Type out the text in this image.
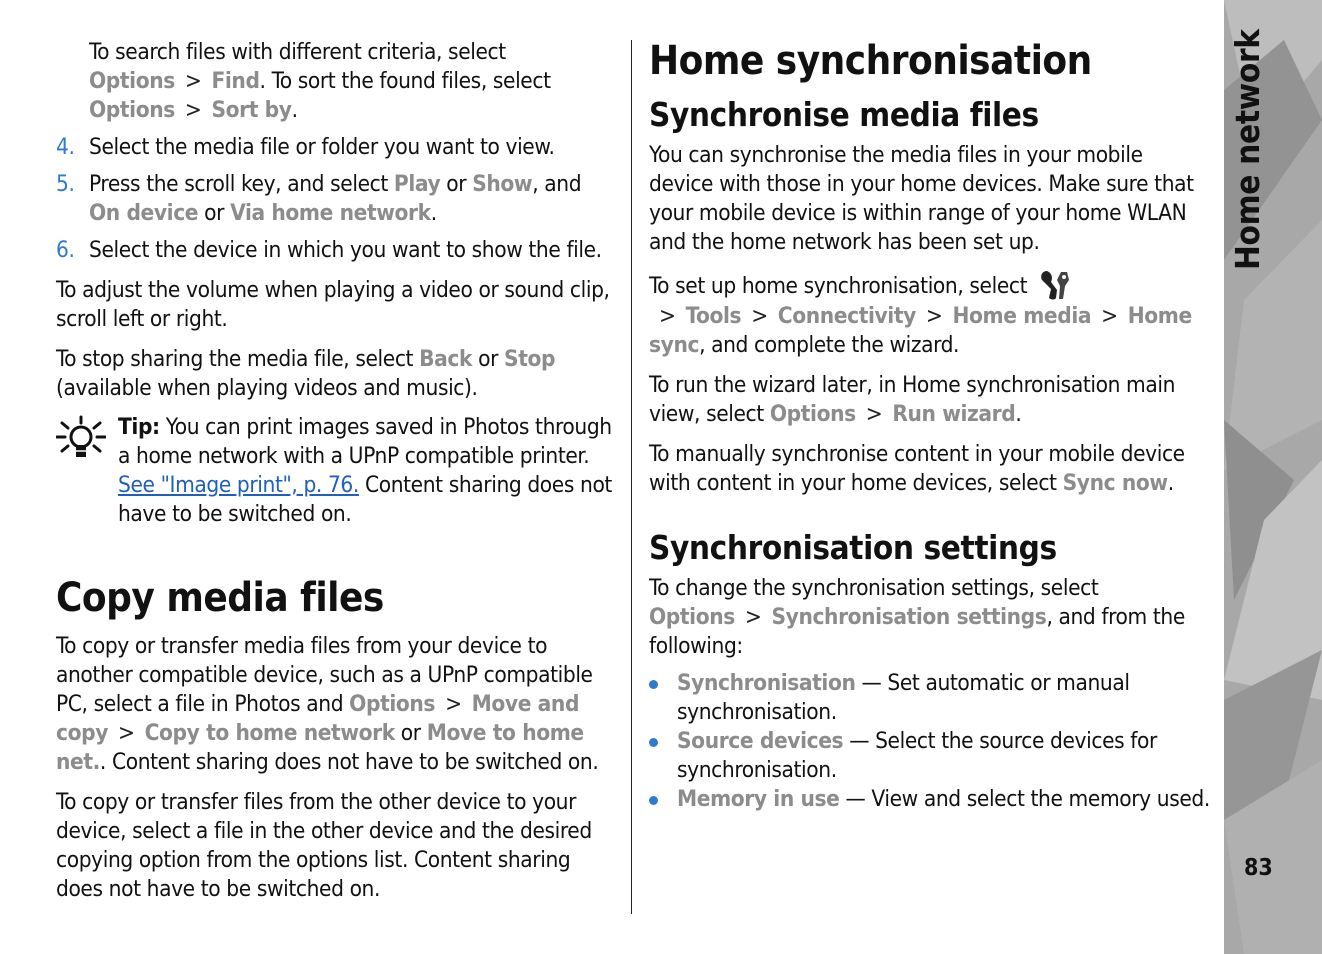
Home network
83

To search files with different criteria, select Options > Find. To sort the found files, select Options > Sort by.

4. Select the media file or folder you want to view.
5. Press the scroll key, and select Play or Show, and On device or Via home network.
6. Select the device in which you want to show the file.

To adjust the volume when playing a video or sound clip, scroll left or right.

To stop sharing the media file, select Back or Stop (available when playing videos and music).

Tip: You can print images saved in Photos through a home network with a UPnP compatible printer. See "Image print", p. 76. Content sharing does not have to be switched on.
Copy media files

To copy or transfer media files from your device to another compatible device, such as a UPnP compatible PC, select a file in Photos and Options > Move and copy > Copy to home network or Move to home net.. Content sharing does not have to be switched on.

To copy or transfer files from the other device to your device, select a file in the other device and the desired copying option from the options list. Content sharing does not have to be switched on.

Home synchronisation
Synchronise media files

You can synchronise the media files in your mobile device with those in your home devices. Make sure that your mobile device is within range of your home WLAN and the home network has been set up.

To set up home synchronisation, select > Tools > Connectivity > Home media > Home sync, and complete the wizard.

To run the wizard later, in Home synchronisation main view, select Options > Run wizard.

To manually synchronise content in your mobile device with content in your home devices, select Sync now.

Synchronisation settings

To change the synchronisation settings, select Options > Synchronisation settings, and from the following:

Synchronisation — Set automatic or manual synchronisation.
Source devices — Select the source devices for synchronisation.
Memory in use — View and select the memory used.
